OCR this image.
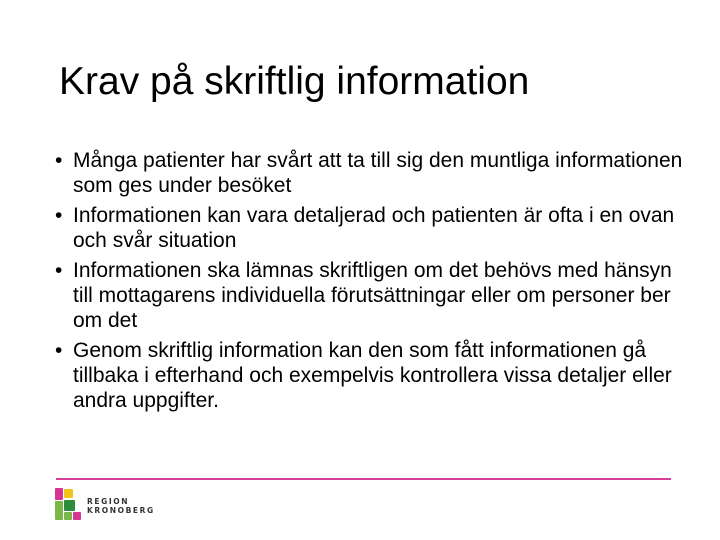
Krav på skriftlig information
• Många patienter har svårt att ta till sig den muntliga informationen som ges under besöket
• Informationen kan vara detaljerad och patienten är ofta i en ovan och svår situation
• Informationen ska lämnas skriftligen om det behövs med hänsyn till mottagarens individuella förutsättningar eller om personer ber om det
• Genom skriftlig information kan den som fått informationen gå tillbaka i efterhand och exempelvis kontrollera vissa detaljer eller andra uppgifter.
REGION
KRONOBERG
